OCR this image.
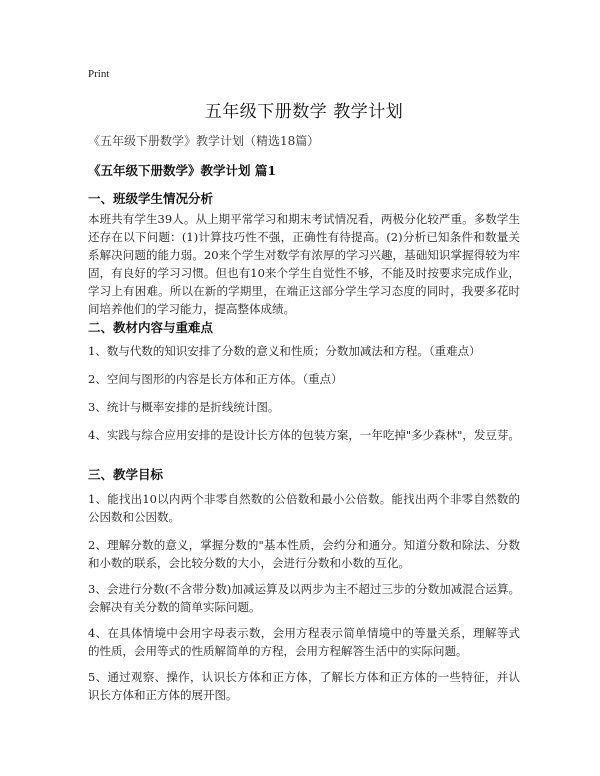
Print
五年级下册数学 教学计划
《五年级下册数学》教学计划（精选18篇）
《五年级下册数学》教学计划 篇1
一、班级学生情况分析
本班共有学生39人。从上期平常学习和期末考试情况看，两极分化较严重。多数学生还存在以下问题：(1)计算技巧性不强，正确性有待提高。(2)分析已知条件和数量关系解决问题的能力弱。20来个学生对数学有浓厚的学习兴趣，基础知识掌握得较为牢固，有良好的学习习惯。但也有10来个学生自觉性不够，不能及时按要求完成作业，学习上有困难。所以在新的学期里，在端正这部分学生学习态度的同时，我要多花时间培养他们的学习能力，提高整体成绩。
二、教材内容与重难点
1、数与代数的知识安排了分数的意义和性质；分数加减法和方程。（重难点）
2、空间与图形的内容是长方体和正方体。（重点）
3、统计与概率安排的是折线统计图。
4、实践与综合应用安排的是设计长方体的包装方案，一年吃掉"多少森林"，发豆芽。
三、教学目标
1、能找出10以内两个非零自然数的公倍数和最小公倍数。能找出两个非零自然数的公因数和公因数。
2、理解分数的意义，掌握分数的"基本性质，会约分和通分。知道分数和除法、分数和小数的联系，会比较分数的大小，会进行分数和小数的互化。
3、会进行分数(不含带分数)加减运算及以两步为主不超过三步的分数加减混合运算。会解决有关分数的简单实际问题。
4、在具体情境中会用字母表示数，会用方程表示简单情境中的等量关系，理解等式的性质，会用等式的性质解简单的方程，会用方程解答生活中的实际问题。
5、通过观察、操作，认识长方体和正方体，了解长方体和正方体的一些特征，并认识长方体和正方体的展开图。
